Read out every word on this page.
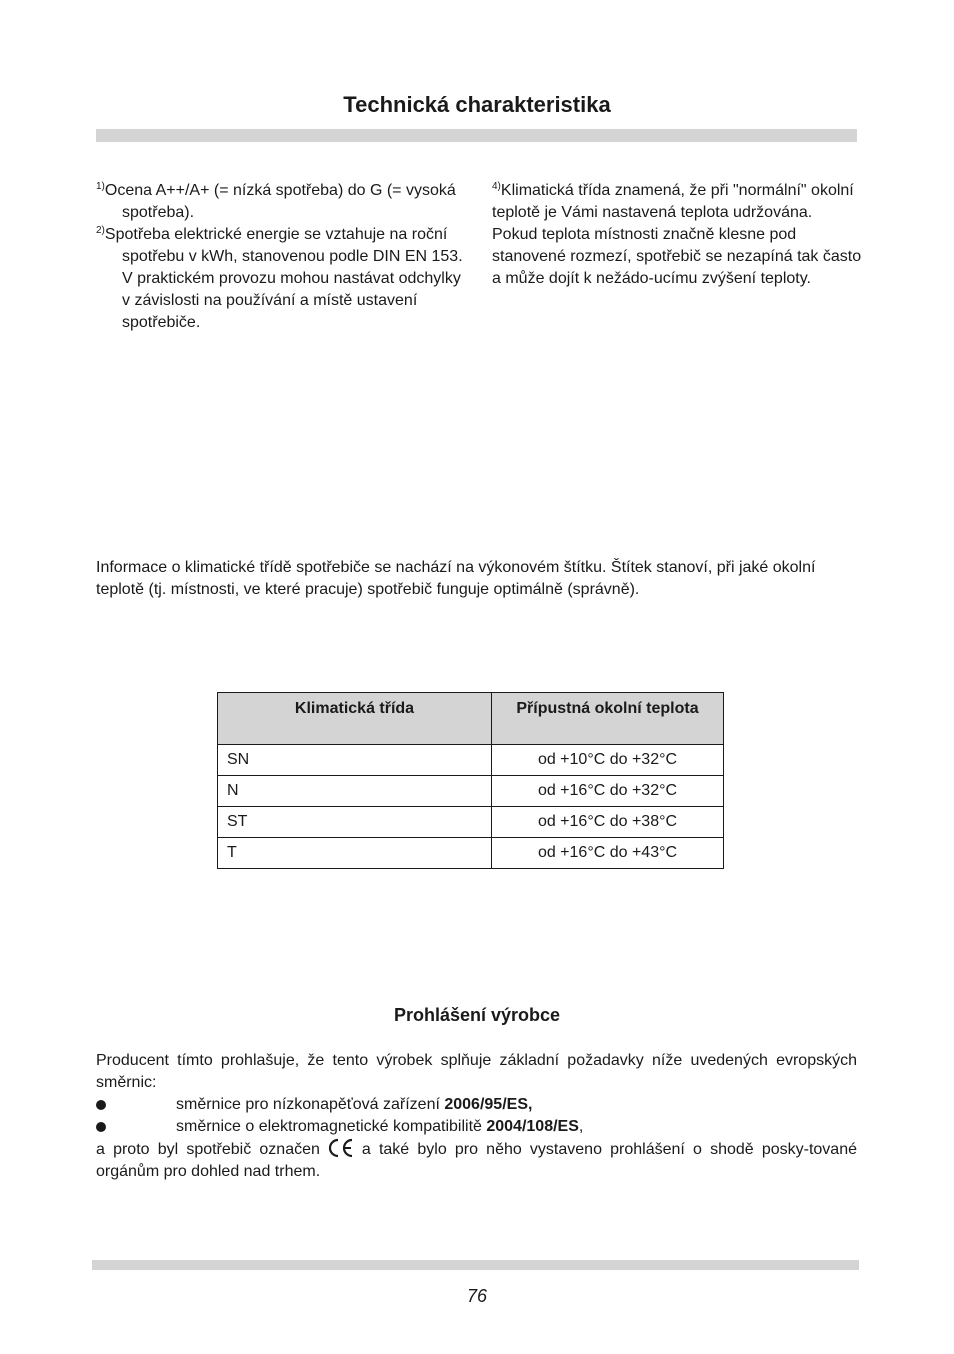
Technická charakteristika

$^{1)}$Ocena A++/A+ (= nízká spotřeba) do G (= vysoká spotřeba).

$^{2)}$Spotřeba elektrické energie se vztahuje na roční spotřebu v kWh, stanovenou podle DIN EN 153. V praktickém provozu mohou nastávat odchylky v závislosti na používání a místě ustavení spotřebiče.

$^{4)}$Klimatická třída znamená, že při "normální" okolní teplotě je Vámi nastavená teplota udržována. Pokud teplota místnosti značně klesne pod stanovené rozmezí, spotřebič se nezapíná tak často a může dojít k nežádo-ucímu zvýšení teploty.

Informace o klimatické třídě spotřebiče se nachází na výkonovém štítku. Štítek stanoví, při jaké okolní teplotě (tj. místnosti, ve které pracuje) spotřebič funguje optimálně (správně).

Klimatická třída	Přípustná okolní teplota
SN	od +10°C do +32°C
N	od +16°C do +32°C
ST	od +16°C do +38°C
T	od +16°C do +43°C
Prohlášení výrobce

Producent tímto prohlašuje, že tento výrobek splňuje základní požadavky níže uvedených evropských směrnic:

směrnice pro nízkonapěťová zařízení 2006/95/ES,

směrnice o elektromagnetické kompatibilitě 2004/108/ES,

a proto byl spotřebič označen	a také bylo pro něho vystaveno prohlášení o shodě posky-tované orgánům pro dohled nad trhem.

76
